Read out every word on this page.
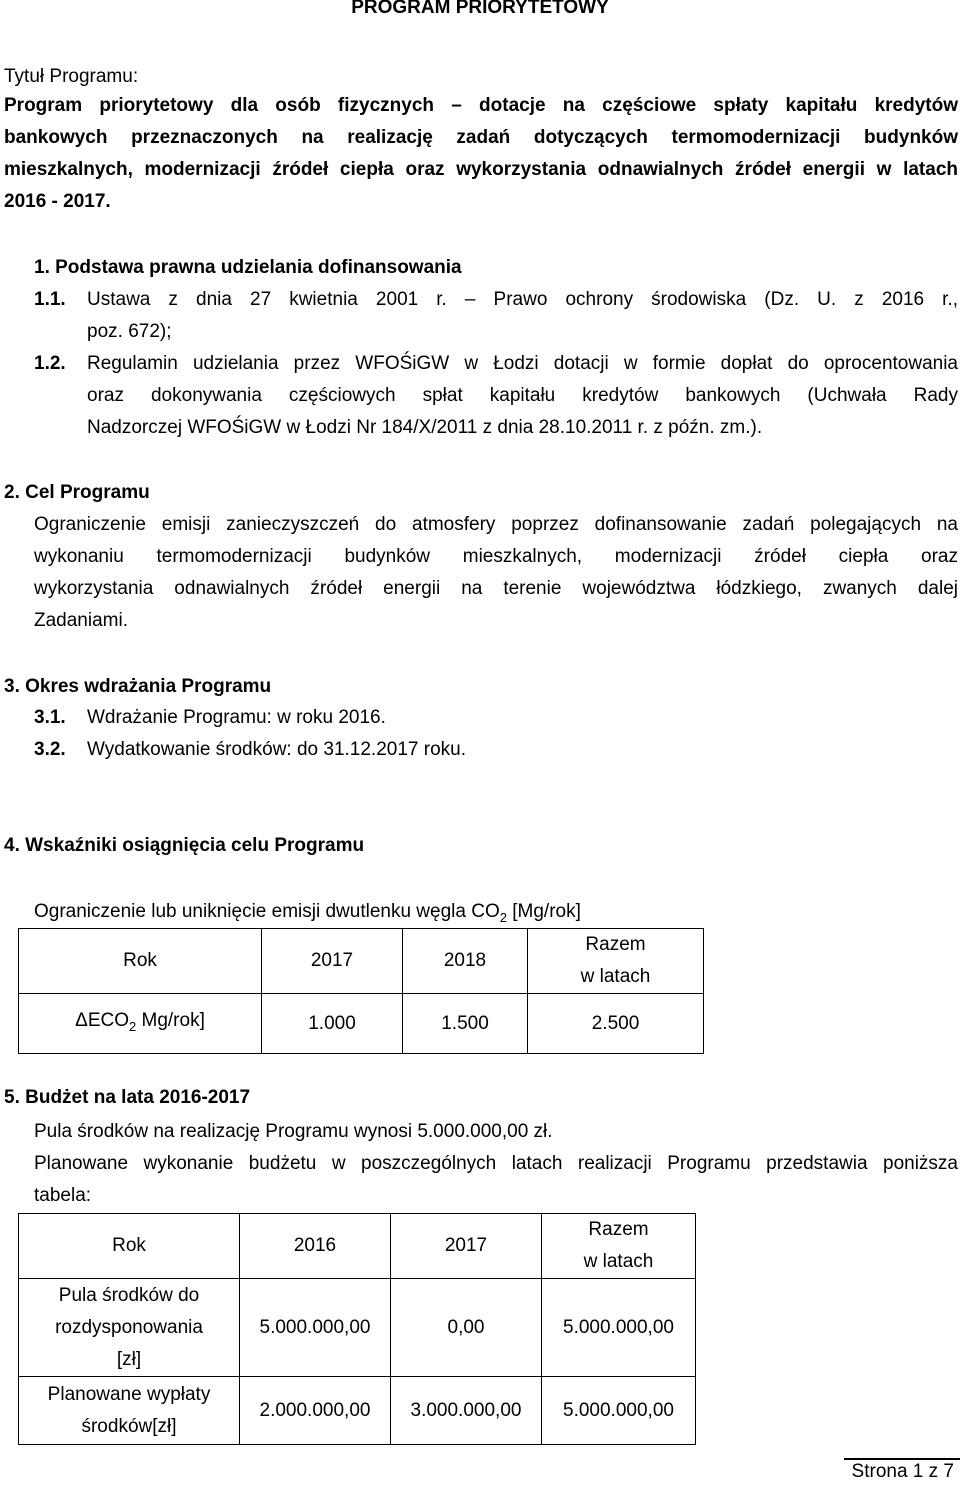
PROGRAM PRIORYTETOWY
Tytuł Programu:
Program priorytetowy dla osób fizycznych – dotacje na częściowe spłaty kapitału kredytów
bankowych przeznaczonych na realizację zadań dotyczących termomodernizacji budynków
mieszkalnych, modernizacji źródeł ciepła oraz wykorzystania odnawialnych źródeł energii w latach
2016 - 2017.
1. Podstawa prawna udzielania dofinansowania
1.1. Ustawa z dnia 27 kwietnia 2001 r. – Prawo ochrony środowiska (Dz. U. z 2016 r.,
poz. 672);
1.2. Regulamin udzielania przez WFOŚiGW w Łodzi dotacji w formie dopłat do oprocentowania
oraz dokonywania częściowych spłat kapitału kredytów bankowych (Uchwała Rady
Nadzorczej WFOŚiGW w Łodzi Nr 184/X/2011 z dnia 28.10.2011 r. z późn. zm.).
2. Cel Programu
Ograniczenie emisji zanieczyszczeń do atmosfery poprzez dofinansowanie zadań polegających na
wykonaniu termomodernizacji budynków mieszkalnych, modernizacji źródeł ciepła oraz
wykorzystania odnawialnych źródeł energii na terenie województwa łódzkiego, zwanych dalej
Zadaniami.
3. Okres wdrażania Programu
3.1. Wdrażanie Programu: w roku 2016.
3.2. Wydatkowanie środków: do 31.12.2017 roku.
4. Wskaźniki osiągnięcia celu Programu
Ograniczenie lub uniknięcie emisji dwutlenku węgla $CO_2$ [Mg/rok]
Rok	2017	2018	Razem
w latach

$\Delta ECO_2$ Mg/rok]	1.000	1.500	2.500
5. Budżet na lata 2016-2017
Pula środków na realizację Programu wynosi 5.000.000,00 zł.
Planowane wykonanie budżetu w poszczególnych latach realizacji Programu przedstawia poniższa
tabela:
Rok	2016	2017	Razem
w latach

Pula środków do
rozdysponowania
[zł]	5.000.000,00	0,00	5.000.000,00

Planowane wypłaty
środków[zł]	2.000.000,00	3.000.000,00	5.000.000,00
Strona 1 z 7
